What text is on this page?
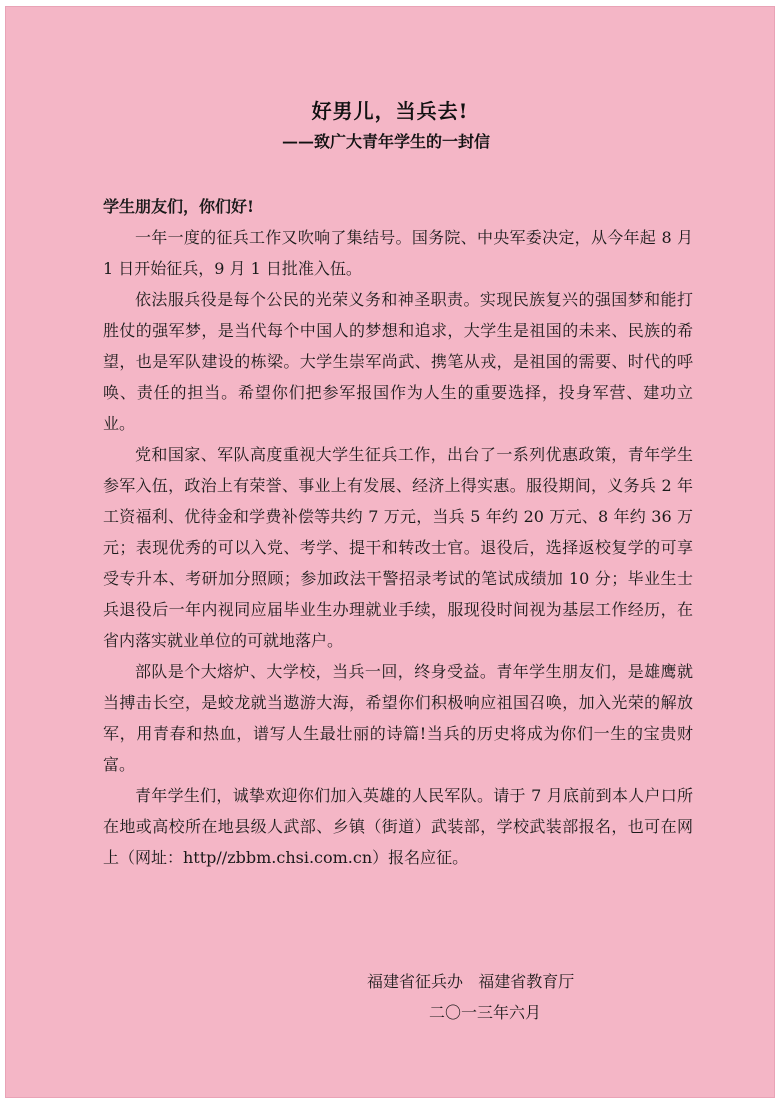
好男儿，当兵去!
——致广大青年学生的一封信
学生朋友们，你们好!

一年一度的征兵工作又吹响了集结号。国务院、中央军委决定，从今年起 8 月 1 日开始征兵，9 月 1 日批准入伍。

依法服兵役是每个公民的光荣义务和神圣职责。实现民族复兴的强国梦和能打胜仗的强军梦，是当代每个中国人的梦想和追求，大学生是祖国的未来、民族的希望，也是军队建设的栋梁。大学生崇军尚武、携笔从戎，是祖国的需要、时代的呼唤、责任的担当。希望你们把参军报国作为人生的重要选择，投身军营、建功立业。

党和国家、军队高度重视大学生征兵工作，出台了一系列优惠政策，青年学生参军入伍，政治上有荣誉、事业上有发展、经济上得实惠。服役期间，义务兵 2 年工资福利、优待金和学费补偿等共约 7 万元，当兵 5 年约 20 万元、8 年约 36 万元；表现优秀的可以入党、考学、提干和转改士官。退役后，选择返校复学的可享受专升本、考研加分照顾；参加政法干警招录考试的笔试成绩加 10 分；毕业生士兵退役后一年内视同应届毕业生办理就业手续，服现役时间视为基层工作经历，在省内落实就业单位的可就地落户。

部队是个大熔炉、大学校，当兵一回，终身受益。青年学生朋友们，是雄鹰就当搏击长空，是蛟龙就当遨游大海，希望你们积极响应祖国召唤，加入光荣的解放军，用青春和热血，谱写人生最壮丽的诗篇!当兵的历史将成为你们一生的宝贵财富。

青年学生们，诚挚欢迎你们加入英雄的人民军队。请于 7 月底前到本人户口所在地或高校所在地县级人武部、乡镇（街道）武装部，学校武装部报名，也可在网上（网址：http//zbbm.chsi.com.cn）报名应征。

福建省征兵办   福建省教育厅
二〇一三年六月
